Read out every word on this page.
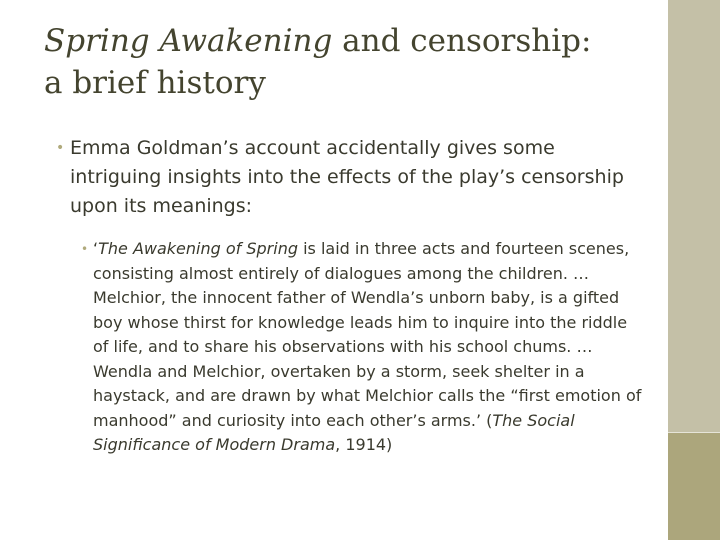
Spring Awakening and censorship:
a brief history

• Emma Goldman’s account accidentally gives some intriguing insights into the effects of the play’s censorship upon its meanings:

• ‘The Awakening of Spring is laid in three acts and fourteen scenes, consisting almost entirely of dialogues among the children. … Melchior, the innocent father of Wendla’s unborn baby, is a gifted boy whose thirst for knowledge leads him to inquire into the riddle of life, and to share his observations with his school chums. … Wendla and Melchior, overtaken by a storm, seek shelter in a haystack, and are drawn by what Melchior calls the “first emotion of manhood” and curiosity into each other’s arms.’ (The Social Significance of Modern Drama, 1914)
